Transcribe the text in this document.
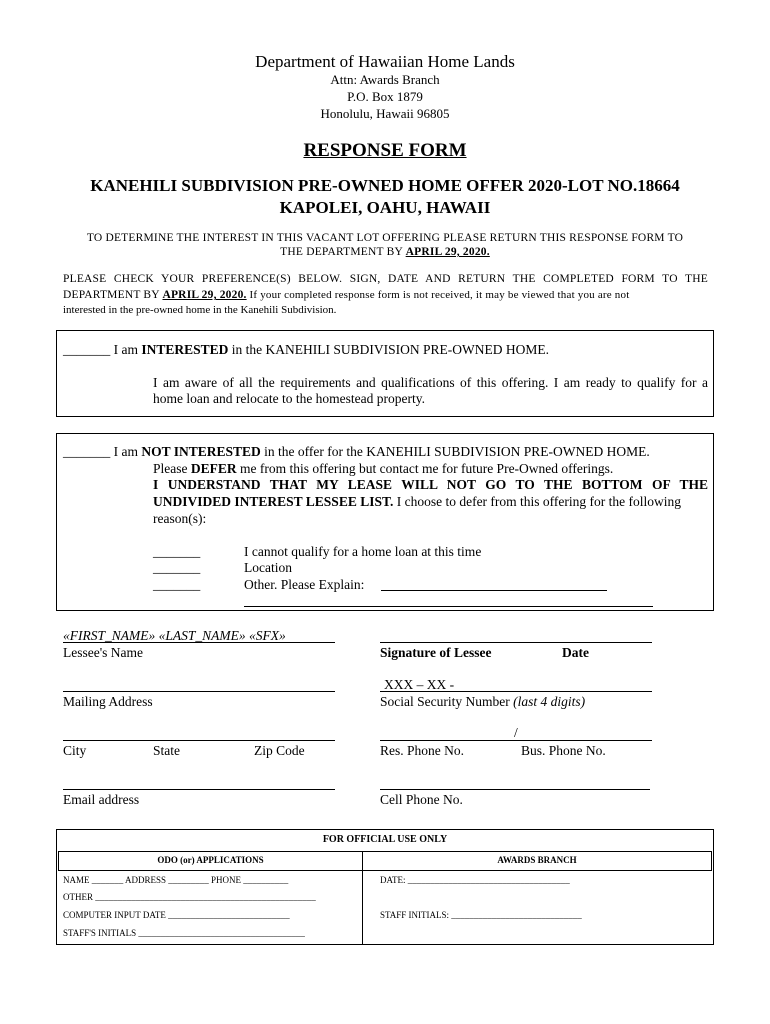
Department of Hawaiian Home Lands
Attn: Awards Branch
P.O. Box 1879
Honolulu, Hawaii 96805
RESPONSE FORM
KANEHILI SUBDIVISION PRE-OWNED HOME OFFER 2020-LOT NO.18664
KAPOLEI, OAHU, HAWAII
TO DETERMINE THE INTEREST IN THIS VACANT LOT OFFERING PLEASE RETURN THIS RESPONSE FORM TO
THE DEPARTMENT BY APRIL 29, 2020.
PLEASE CHECK YOUR PREFERENCE(S) BELOW. SIGN, DATE AND RETURN THE COMPLETED FORM TO THE
DEPARTMENT BY APRIL 29, 2020. If your completed response form is not received, it may be viewed that you are not
interested in the pre-owned home in the Kanehili Subdivision.
_______ I am INTERESTED in the KANEHILI SUBDIVISION PRE-OWNED HOME.
I am aware of all the requirements and qualifications of this offering. I am ready to qualify for a
home loan and relocate to the homestead property.
_______ I am NOT INTERESTED in the offer for the KANEHILI SUBDIVISION PRE-OWNED HOME.
Please DEFER me from this offering but contact me for future Pre-Owned offerings.
I UNDERSTAND THAT MY LEASE WILL NOT GO TO THE BOTTOM OF THE
UNDIVIDED INTEREST LESSEE LIST. I choose to defer from this offering for the following
reason(s):
_______	I cannot qualify for a home loan at this time
_______	Location
_______	Other. Please Explain:
«FIRST_NAME» «LAST_NAME» «SFX»
Lessee's Name	Signature of Lessee	Date
Mailing Address
XXX – XX -
Social Security Number (last 4 digits)
City	State	Zip Code
/
Res. Phone No.	Bus. Phone No.
Email address	Cell Phone No.
FOR OFFICIAL USE ONLY
ODO (or) APPLICATIONS	AWARDS BRANCH
NAME _______ ADDRESS _________ PHONE __________
OTHER _________________________________________________
COMPUTER INPUT DATE ___________________________
STAFF'S INITIALS _____________________________________
DATE: ____________________________________
STAFF INITIALS: _____________________________
